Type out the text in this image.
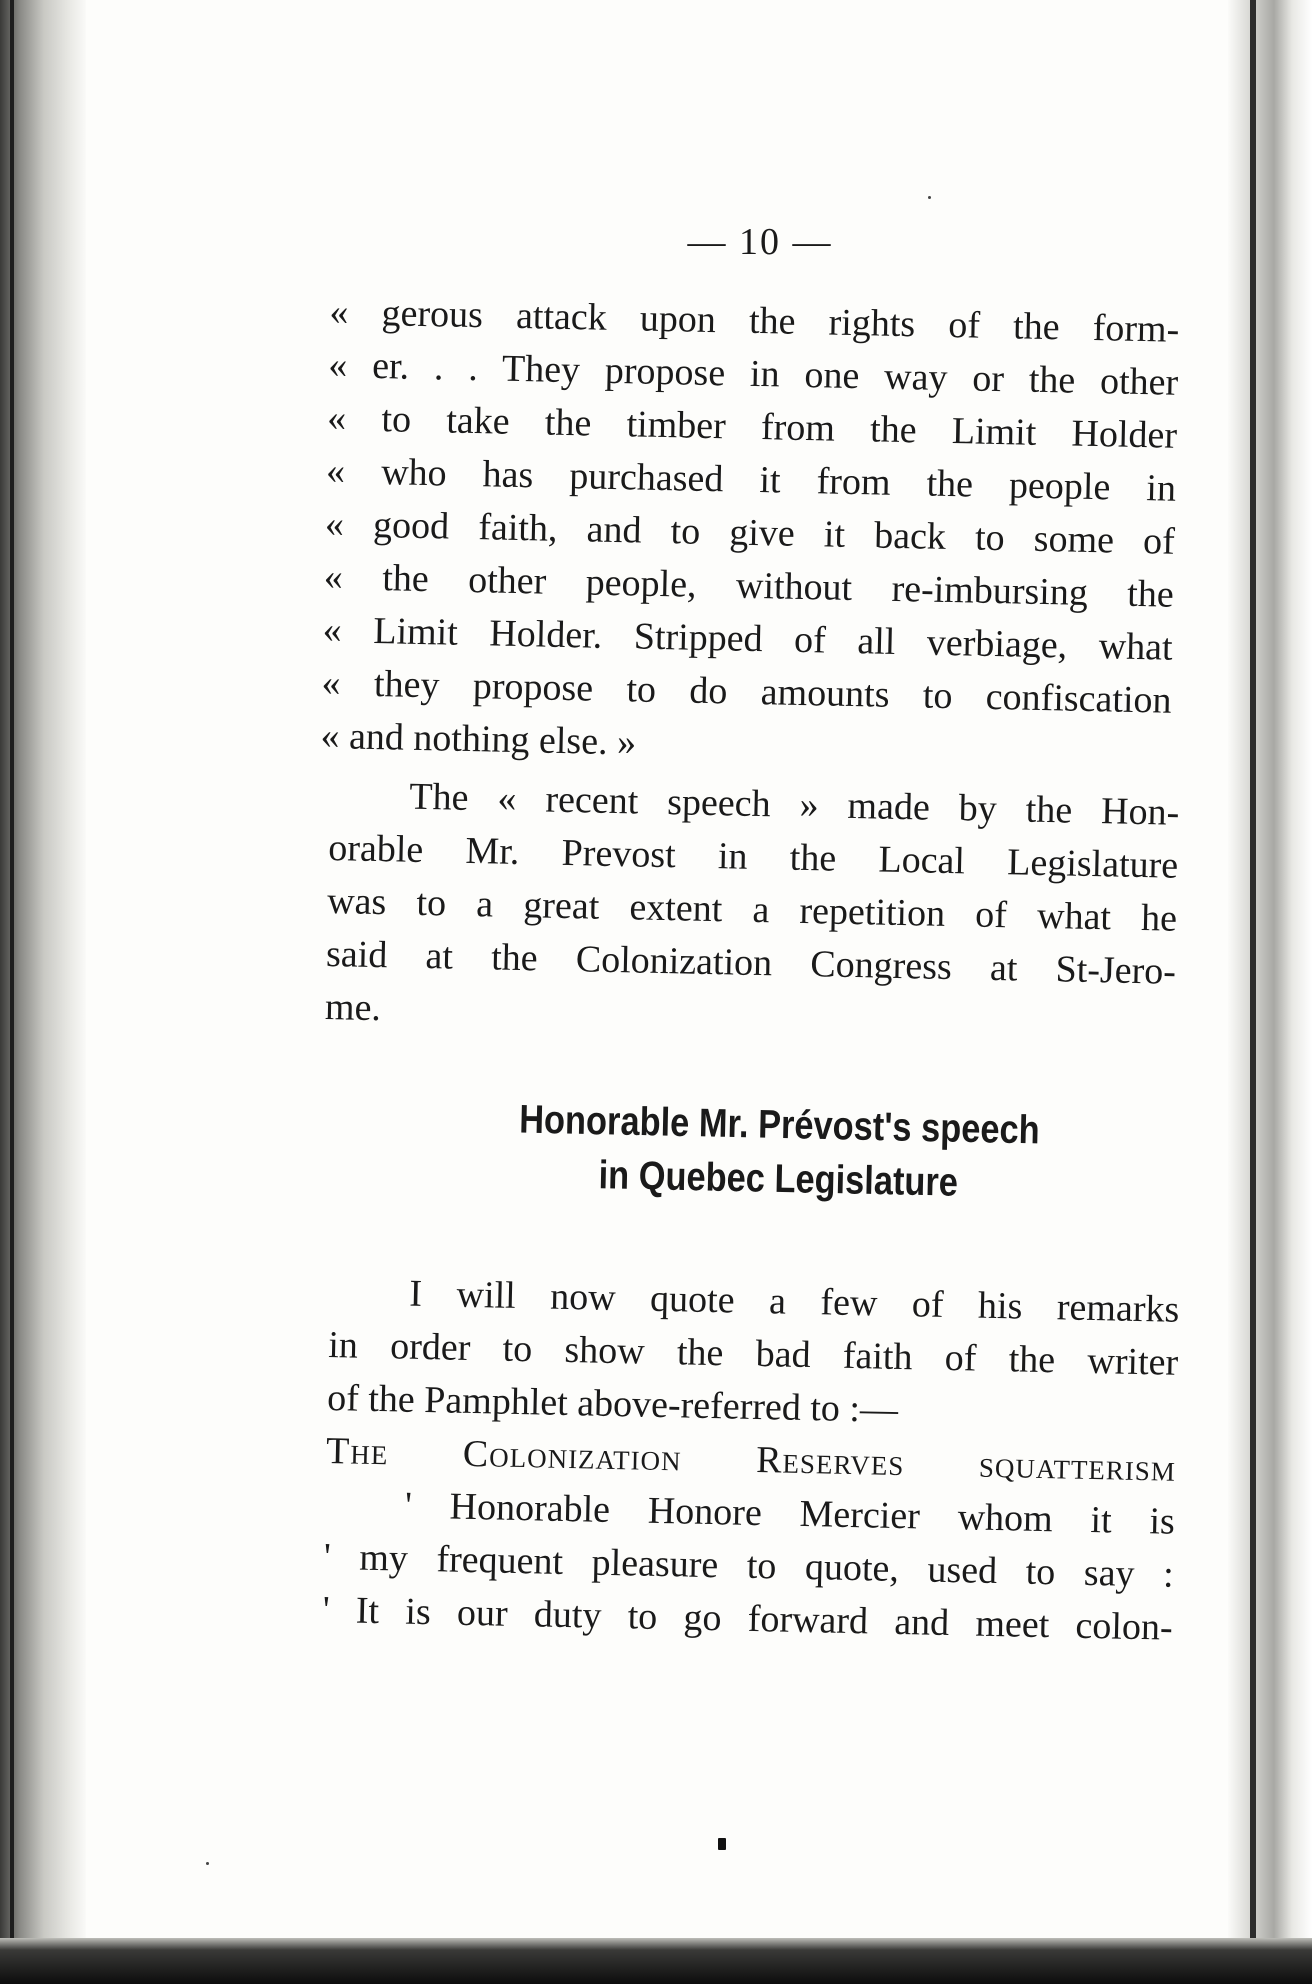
— 10 —
« gerous attack upon the rights of the form-
« er. . . They propose in one way or the other
« to take the timber from the Limit Holder
« who has purchased it from the people in
« good faith, and to give it back to some of
« the other people, without re-imbursing the
« Limit Holder. Stripped of all verbiage, what
« they propose to do amounts to confiscation
« and nothing else. »
The « recent speech » made by the Hon-
orable Mr. Prevost in the Local Legislature
was to a great extent a repetition of what he
said at the Colonization Congress at St-Jero-
me.
Honorable Mr. Prévost's speech
in Quebec Legislature
I will now quote a few of his remarks
in order to show the bad faith of the writer
of the Pamphlet above-referred to :—
The Colonization Reserves squatterism
' Honorable Honore Mercier whom it is
' my frequent pleasure to quote, used to say :
' It is our duty to go forward and meet colon-
